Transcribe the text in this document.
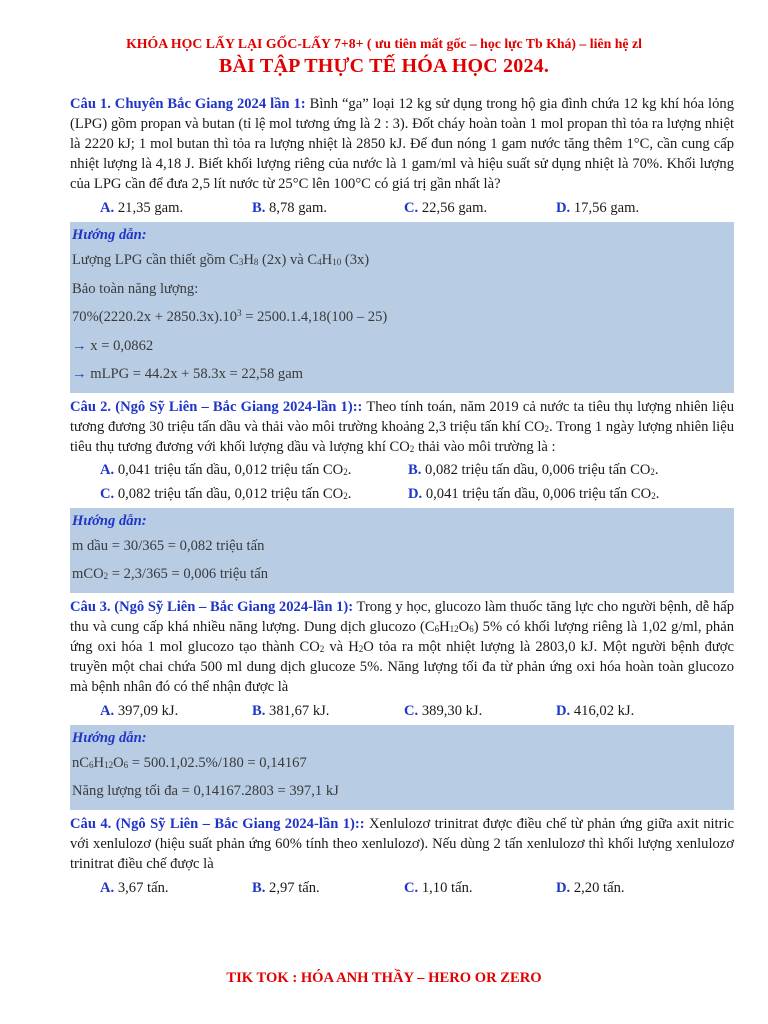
KHÓA HỌC LẤY LẠI GỐC-LẤY 7+8+ ( ưu tiên mất gốc – học lực Tb Khá) – liên hệ zl
BÀI TẬP THỰC TẾ HÓA HỌC 2024.

Câu 1. Chuyên Bắc Giang 2024 lần 1: Bình “ga” loại 12 kg sử dụng trong hộ gia đình chứa 12 kg khí hóa lỏng (LPG) gồm propan và butan (tỉ lệ mol tương ứng là 2 : 3). Đốt cháy hoàn toàn 1 mol propan thì tỏa ra lượng nhiệt là 2220 kJ; 1 mol butan thì tỏa ra lượng nhiệt là 2850 kJ. Để đun nóng 1 gam nước tăng thêm 1°C, cần cung cấp nhiệt lượng là 4,18 J. Biết khối lượng riêng của nước là 1 gam/ml và hiệu suất sử dụng nhiệt là 70%. Khối lượng của LPG cần để đưa 2,5 lít nước từ 25°C lên 100°C có giá trị gần nhất là?

A. 21,35 gam.	B. 8,78 gam.	C. 22,56 gam.	D. 17,56 gam.
Hướng dẫn:
Lượng LPG cần thiết gồm $C_3H_8$ (2x) và $C_4H_{10}$ (3x)
Bảo toàn năng lượng:
$70\%(2220.2x + 2850.3x).10^3 = 2500.1.4,18(100 - 25)$
→ x = 0,0862
→ mLPG = 44.2x + 58.3x = 22,58 gam

Câu 2. (Ngô Sỹ Liên – Bắc Giang 2024-lần 1):: Theo tính toán, năm 2019 cả nước ta tiêu thụ lượng nhiên liệu tương đương 30 triệu tấn dầu và thải vào môi trường khoảng 2,3 triệu tấn khí $CO_2$. Trong 1 ngày lượng nhiên liệu tiêu thụ tương đương với khối lượng dầu và lượng khí $CO_2$ thải vào môi trường là :

A. 0,041 triệu tấn dầu, 0,012 triệu tấn $CO_2$.	B. 0,082 triệu tấn dầu, 0,006 triệu tấn $CO_2$.
C. 0,082 triệu tấn dầu, 0,012 triệu tấn $CO_2$.	D. 0,041 triệu tấn dầu, 0,006 triệu tấn $CO_2$.
Hướng dẫn:
m dầu = 30/365 = 0,082 triệu tấn
mCO$_2$ = 2,3/365 = 0,006 triệu tấn

Câu 3. (Ngô Sỹ Liên – Bắc Giang 2024-lần 1): Trong y học, glucozo làm thuốc tăng lực cho người bệnh, dễ hấp thu và cung cấp khá nhiều năng lượng. Dung dịch glucozo $(C_6H_{12}O_6)$ 5% có khối lượng riêng là 1,02 g/ml, phản ứng oxi hóa 1 mol glucozo tạo thành $CO_2$ và $H_2O$ tỏa ra một nhiệt lượng là 2803,0 kJ. Một người bệnh được truyền một chai chứa 500 ml dung dịch glucoze 5%. Năng lượng tối đa từ phản ứng oxi hóa hoàn toàn glucozo mà bệnh nhân đó có thể nhận được là

A. 397,09 kJ.	B. 381,67 kJ.	C. 389,30 kJ.	D. 416,02 kJ.
Hướng dẫn:
$nC_6H_{12}O_6 = 500.1,02.5\%/180 = 0,14167$
Năng lượng tối đa = 0,14167.2803 = 397,1 kJ

Câu 4. (Ngô Sỹ Liên – Bắc Giang 2024-lần 1):: Xenlulozơ trinitrat được điều chế từ phản ứng giữa axit nitric với xenlulozơ (hiệu suất phản ứng 60% tính theo xenlulozơ). Nếu dùng 2 tấn xenlulozơ thì khối lượng xenlulozơ trinitrat điều chế được là

A. 3,67 tấn.	B. 2,97 tấn.	C. 1,10 tấn.	D. 2,20 tấn.
TIK TOK : HÓA ANH THẦY – HERO OR ZERO
